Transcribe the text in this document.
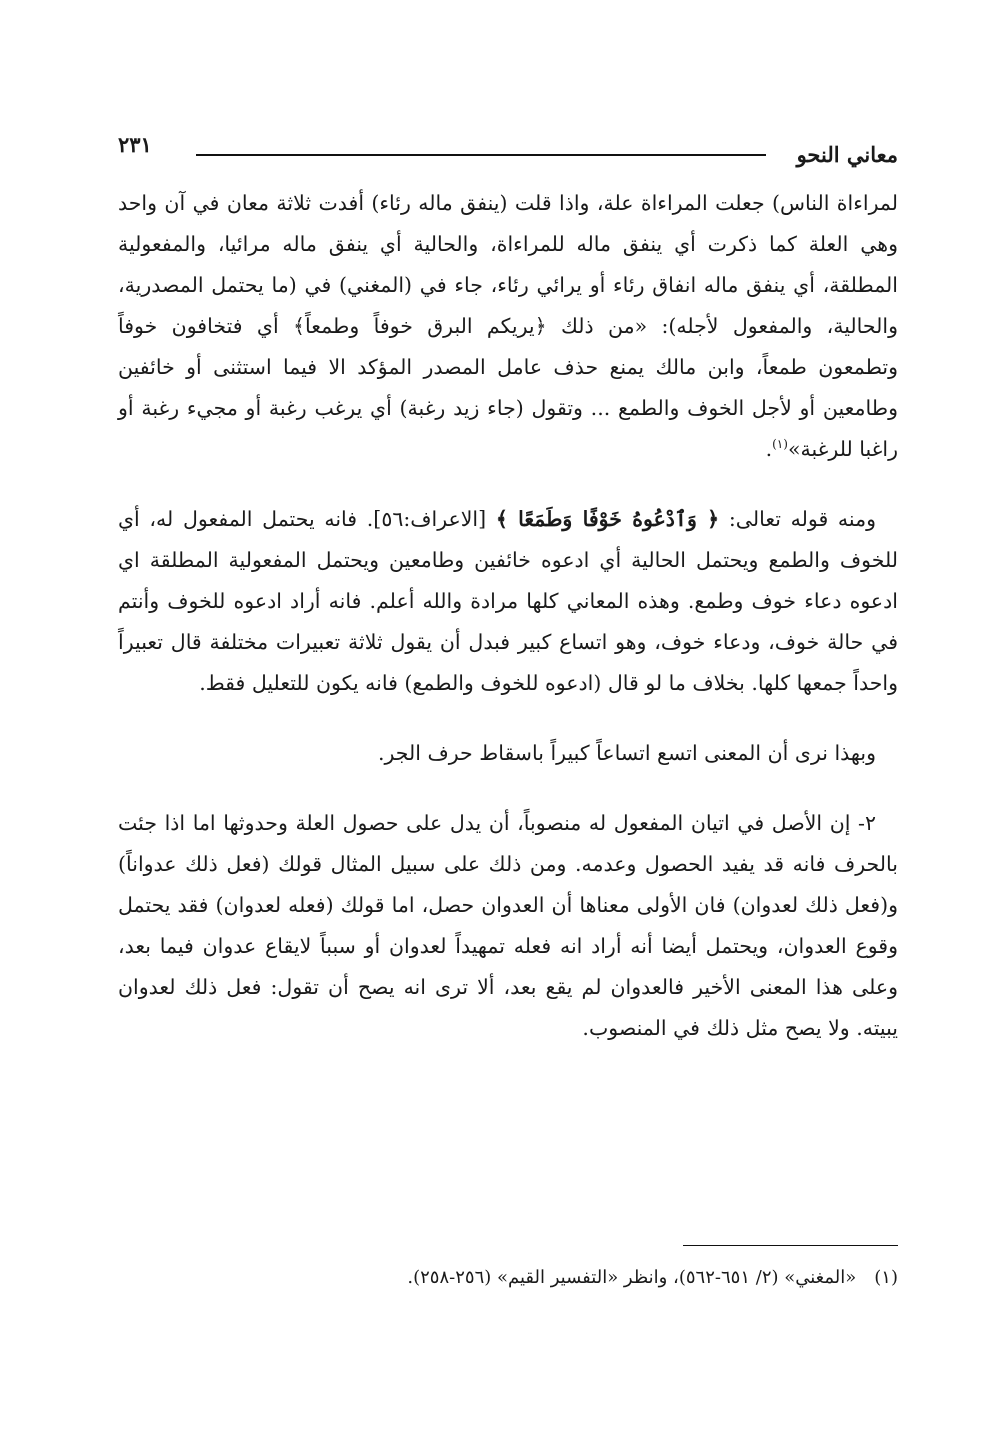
معاني النحو
٢٣١

لمراءاة الناس) جعلت المراءاة علة، واذا قلت (ينفق ماله رئاء) أفدت ثلاثة معان في آن واحد وهي العلة كما ذكرت أي ينفق ماله للمراءاة، والحالية أي ينفق ماله مرائيا، والمفعولية المطلقة، أي ينفق ماله انفاق رئاء أو يرائي رئاء، جاء في (المغني) في (ما يحتمل المصدرية، والحالية، والمفعول لأجله): «من ذلك ﴿يريكم البرق خوفاً وطمعاً﴾ أي فتخافون خوفاً وتطمعون طمعاً، وابن مالك يمنع حذف عامل المصدر المؤكد الا فيما استثنى أو خائفين وطامعين أو لأجل الخوف والطمع ... وتقول (جاء زيد رغبة) أي يرغب رغبة أو مجيء رغبة أو راغبا للرغبة»$^{(١)}$.

ومنه قوله تعالى: ﴿ وَٱدْعُوهُ خَوْفًا وَطَمَعًا ﴾ [الاعراف:٥٦]. فانه يحتمل المفعول له، أي للخوف والطمع ويحتمل الحالية أي ادعوه خائفين وطامعين ويحتمل المفعولية المطلقة اي ادعوه دعاء خوف وطمع. وهذه المعاني كلها مرادة والله أعلم. فانه أراد ادعوه للخوف وأنتم في حالة خوف، ودعاء خوف، وهو اتساع كبير فبدل أن يقول ثلاثة تعبيرات مختلفة قال تعبيراً واحداً جمعها كلها. بخلاف ما لو قال (ادعوه للخوف والطمع) فانه يكون للتعليل فقط.

وبهذا نرى أن المعنى اتسع اتساعاً كبيراً باسقاط حرف الجر.

٢- إن الأصل في اتيان المفعول له منصوباً، أن يدل على حصول العلة وحدوثها اما اذا جئت بالحرف فانه قد يفيد الحصول وعدمه. ومن ذلك على سبيل المثال قولك (فعل ذلك عدواناً) و(فعل ذلك لعدوان) فان الأولى معناها أن العدوان حصل، اما قولك (فعله لعدوان) فقد يحتمل وقوع العدوان، ويحتمل أيضا أنه أراد انه فعله تمهيداً لعدوان أو سبباً لايقاع عدوان فيما بعد، وعلى هذا المعنى الأخير فالعدوان لم يقع بعد، ألا ترى انه يصح أن تقول: فعل ذلك لعدوان يبيته. ولا يصح مثل ذلك في المنصوب.

(١)«المغني» (٢/ ٦٥١-٥٦٢)، وانظر «التفسير القيم» (٢٥٦-٢٥٨).
